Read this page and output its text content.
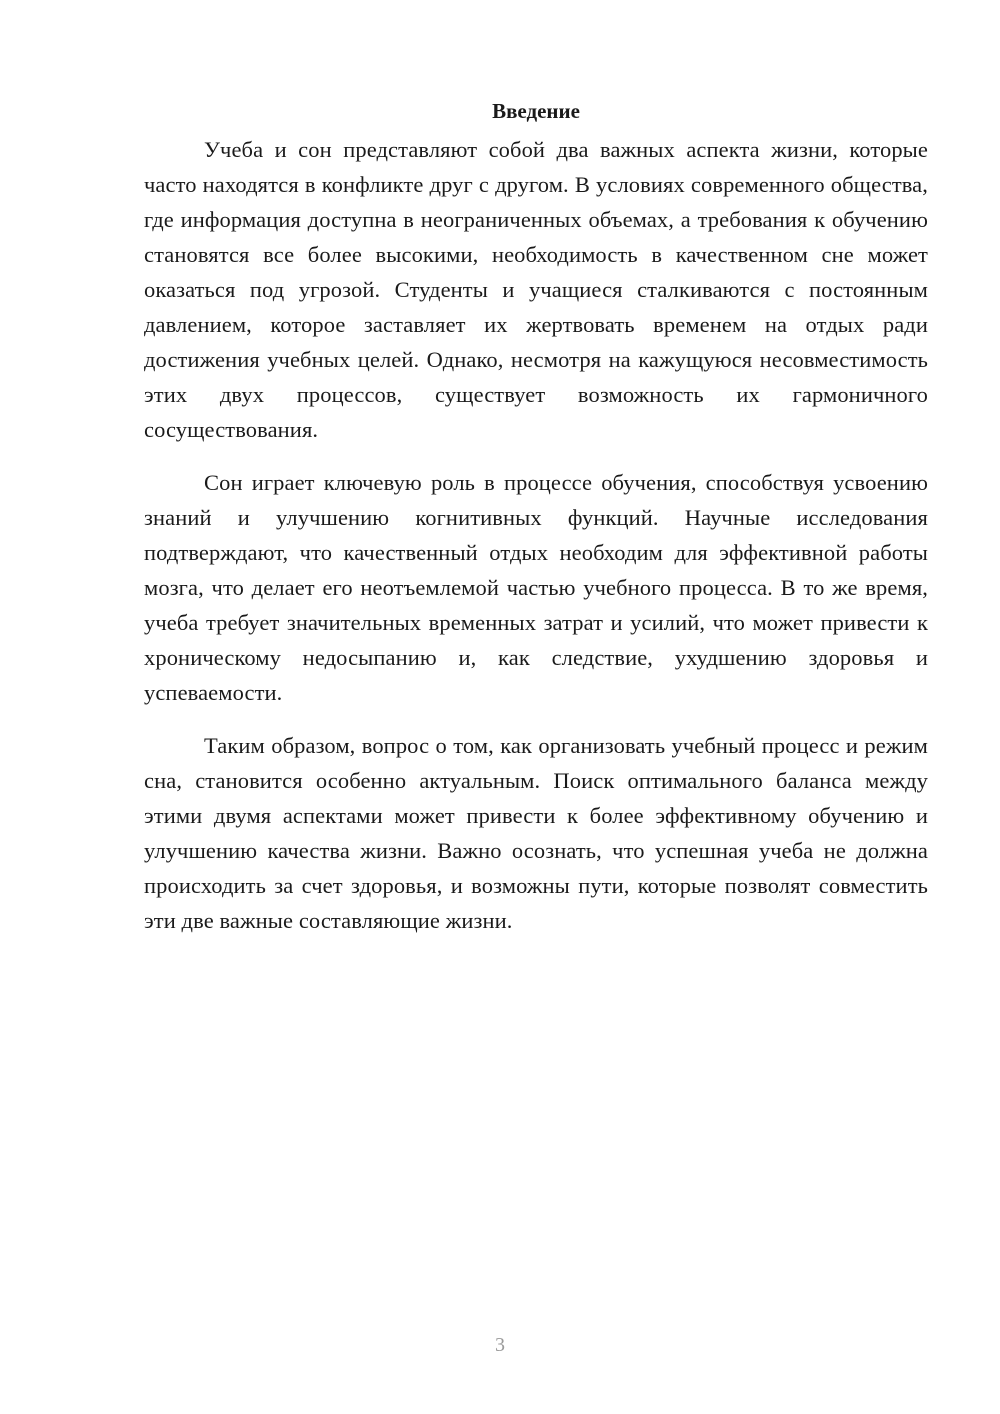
Введение

Учеба и сон представляют собой два важных аспекта жизни, которые часто находятся в конфликте друг с другом. В условиях современного общества, где информация доступна в неограниченных объемах, а требования к обучению становятся все более высокими, необходимость в качественном сне может оказаться под угрозой. Студенты и учащиеся сталкиваются с постоянным давлением, которое заставляет их жертвовать временем на отдых ради достижения учебных целей. Однако, несмотря на кажущуюся несовместимость этих двух процессов, существует возможность их гармоничного сосуществования.

Сон играет ключевую роль в процессе обучения, способствуя усвоению знаний и улучшению когнитивных функций. Научные исследования подтверждают, что качественный отдых необходим для эффективной работы мозга, что делает его неотъемлемой частью учебного процесса. В то же время, учеба требует значительных временных затрат и усилий, что может привести к хроническому недосыпанию и, как следствие, ухудшению здоровья и успеваемости.

Таким образом, вопрос о том, как организовать учебный процесс и режим сна, становится особенно актуальным. Поиск оптимального баланса между этими двумя аспектами может привести к более эффективному обучению и улучшению качества жизни. Важно осознать, что успешная учеба не должна происходить за счет здоровья, и возможны пути, которые позволят совместить эти две важные составляющие жизни.

3
